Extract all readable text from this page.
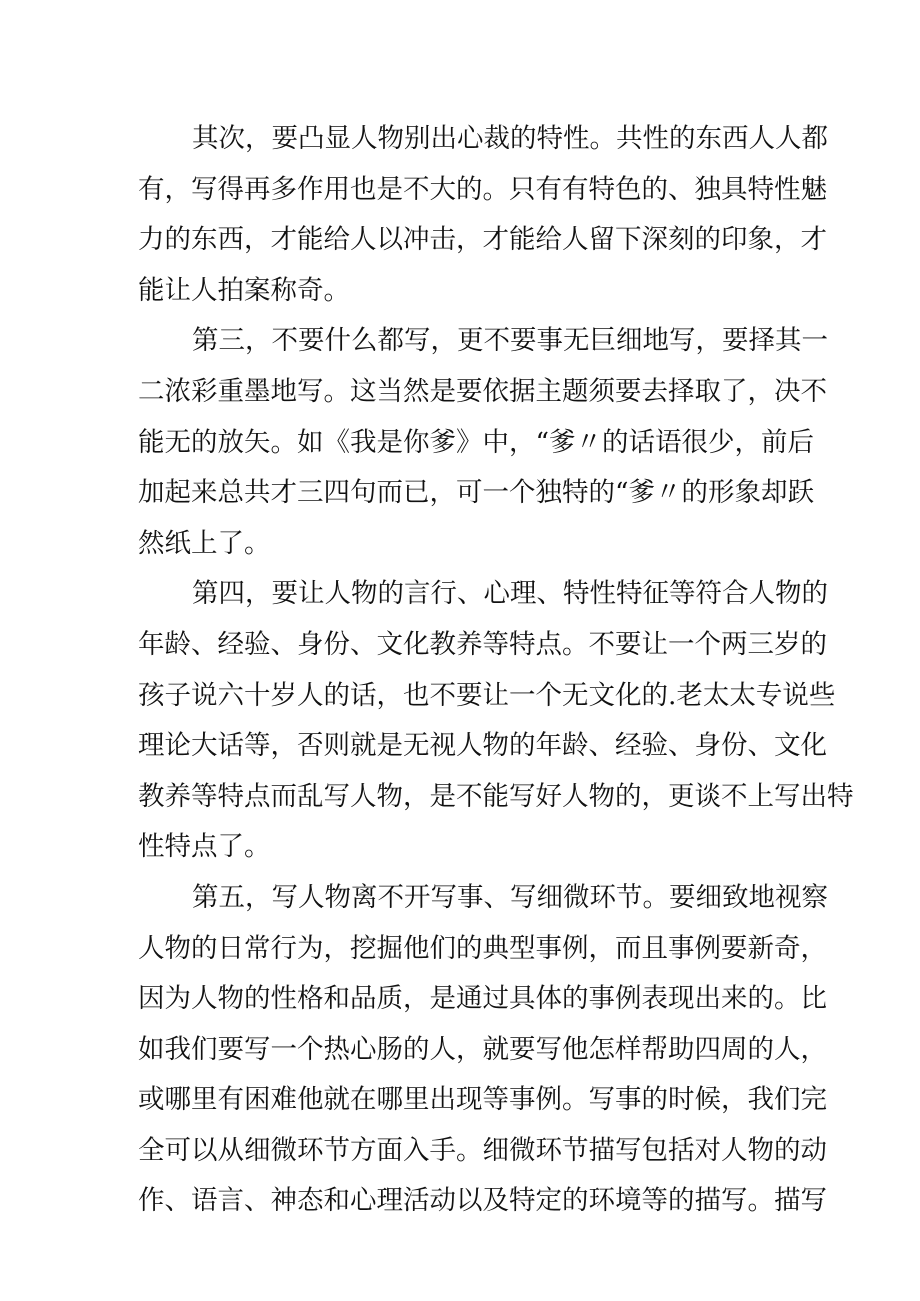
其次，要凸显人物别出心裁的特性。共性的东西人人都
有，写得再多作用也是不大的。只有有特色的、独具特性魅
力的东西，才能给人以冲击，才能给人留下深刻的印象，才
能让人拍案称奇。
第三，不要什么都写，更不要事无巨细地写，要择其一
二浓彩重墨地写。这当然是要依据主题须要去择取了，决不
能无的放矢。如《我是你爹》中，“爹〃的话语很少，前后
加起来总共才三四句而已，可一个独特的“爹〃的形象却跃
然纸上了。
第四，要让人物的言行、心理、特性特征等符合人物的
年龄、经验、身份、文化教养等特点。不要让一个两三岁的
孩子说六十岁人的话，也不要让一个无文化的.老太太专说些
理论大话等，否则就是无视人物的年龄、经验、身份、文化
教养等特点而乱写人物，是不能写好人物的，更谈不上写出特
性特点了。
第五，写人物离不开写事、写细微环节。要细致地视察
人物的日常行为，挖掘他们的典型事例，而且事例要新奇，
因为人物的性格和品质，是通过具体的事例表现出来的。比
如我们要写一个热心肠的人，就要写他怎样帮助四周的人，
或哪里有困难他就在哪里出现等事例。写事的时候，我们完
全可以从细微环节方面入手。细微环节描写包括对人物的动
作、语言、神态和心理活动以及特定的环境等的描写。描写
